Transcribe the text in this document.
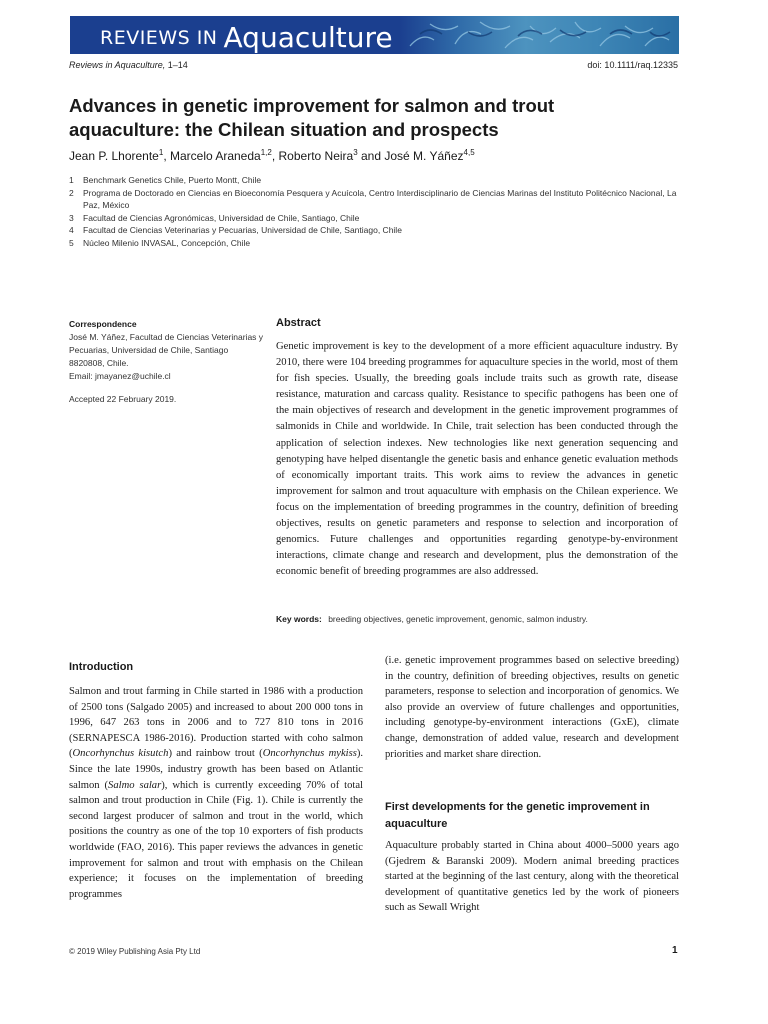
REVIEWS IN Aquaculture
Reviews in Aquaculture, 1–14	doi: 10.1111/raq.12335
Advances in genetic improvement for salmon and trout aquaculture: the Chilean situation and prospects
Jean P. Lhorente$^1$, Marcelo Araneda$^{1,2}$, Roberto Neira$^3$ and José M. Yáñez$^{4,5}$
1	Benchmark Genetics Chile, Puerto Montt, Chile
2	Programa de Doctorado en Ciencias en Bioeconomía Pesquera y Acuícola, Centro Interdisciplinario de Ciencias Marinas del Instituto Politécnico Nacional, La Paz, México
3	Facultad de Ciencias Agronómicas, Universidad de Chile, Santiago, Chile
4	Facultad de Ciencias Veterinarias y Pecuarias, Universidad de Chile, Santiago, Chile
5	Núcleo Milenio INVASAL, Concepción, Chile
Correspondence
José M. Yáñez, Facultad de Ciencias Veterinarias y Pecuarias, Universidad de Chile, Santiago 8820808, Chile.
Email: jmayanez@uchile.cl
Accepted 22 February 2019.
Abstract
Genetic improvement is key to the development of a more efficient aquaculture industry. By 2010, there were 104 breeding programmes for aquaculture species in the world, most of them for fish species. Usually, the breeding goals include traits such as growth rate, disease resistance, maturation and carcass quality. Resistance to specific pathogens has been one of the main objectives of research and development in the genetic improvement programmes of salmonids in Chile and worldwide. In Chile, trait selection has been conducted through the application of selection indexes. New technologies like next generation sequencing and genotyping have helped disentangle the genetic basis and enhance genetic evaluation methods of economically important traits. This work aims to review the advances in genetic improvement for salmon and trout aquaculture with emphasis on the Chilean experience. We focus on the implementation of breeding programmes in the country, definition of breeding objectives, results on genetic parameters and response to selection and incorporation of genomics. Future challenges and opportunities regarding genotype-by-environment interactions, climate change and research and development, plus the demonstration of the economic benefit of breeding programmes are also addressed.
Key words: breeding objectives, genetic improvement, genomic, salmon industry.
Introduction
Salmon and trout farming in Chile started in 1986 with a production of 2500 tons (Salgado 2005) and increased to about 200 000 tons in 1996, 647 263 tons in 2006 and to 727 810 tons in 2016 (SERNAPESCA 1986-2016). Production started with coho salmon (Oncorhynchus kisutch) and rainbow trout (Oncorhynchus mykiss). Since the late 1990s, industry growth has been based on Atlantic salmon (Salmo salar), which is currently exceeding 70% of total salmon and trout production in Chile (Fig. 1). Chile is currently the second largest producer of salmon and trout in the world, which positions the country as one of the top 10 exporters of fish products worldwide (FAO, 2016). This paper reviews the advances in genetic improvement for salmon and trout with emphasis on the Chilean experience; it focuses on the implementation of breeding programmes
(i.e. genetic improvement programmes based on selective breeding) in the country, definition of breeding objectives, results on genetic parameters, response to selection and incorporation of genomics. We also provide an overview of future challenges and opportunities, including genotype-by-environment interactions (GxE), climate change, demonstration of added value, research and development priorities and market share direction.
First developments for the genetic improvement in aquaculture
Aquaculture probably started in China about 4000–5000 years ago (Gjedrem & Baranski 2009). Modern animal breeding practices started at the beginning of the last century, along with the theoretical development of quantitative genetics led by the work of pioneers such as Sewall Wright
© 2019 Wiley Publishing Asia Pty Ltd	1
